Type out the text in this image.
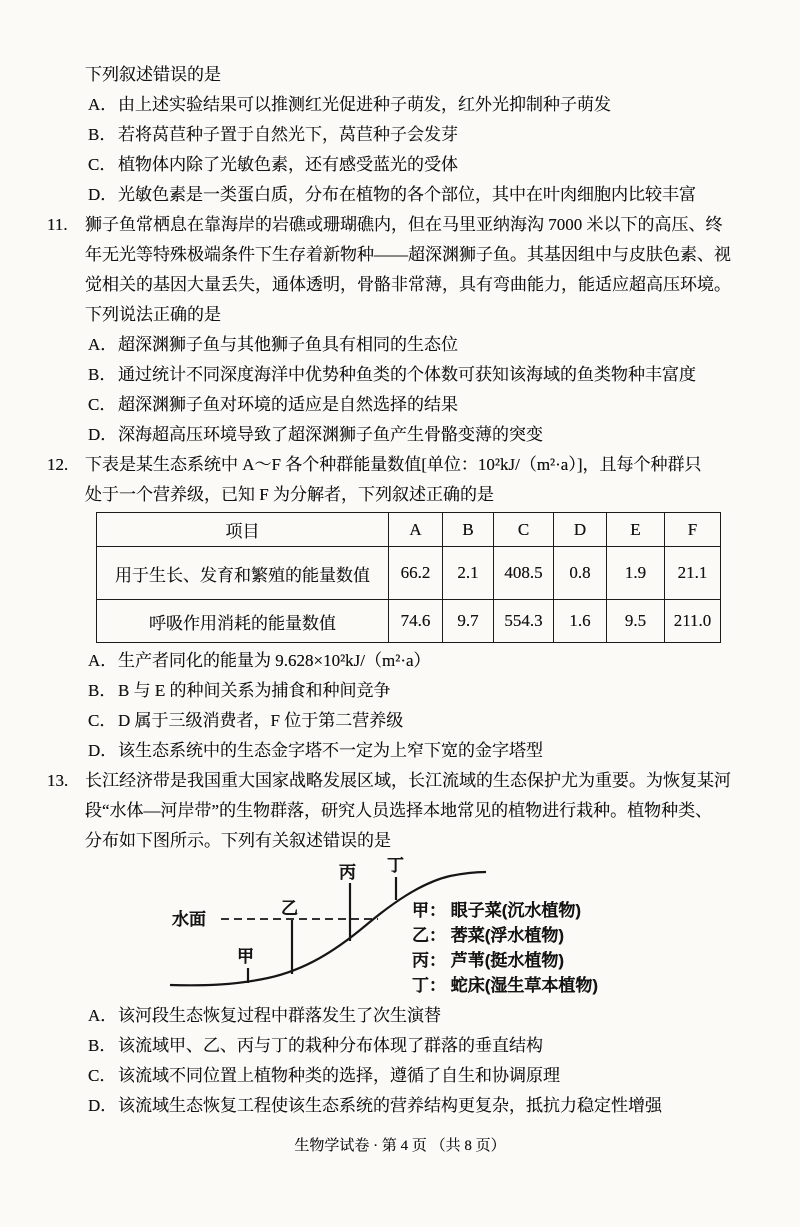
下列叙述错误的是
A．由上述实验结果可以推测红光促进种子萌发，红外光抑制种子萌发
B．若将莴苣种子置于自然光下，莴苣种子会发芽
C．植物体内除了光敏色素，还有感受蓝光的受体
D．光敏色素是一类蛋白质，分布在植物的各个部位，其中在叶肉细胞内比较丰富
11. 狮子鱼常栖息在靠海岸的岩礁或珊瑚礁内，但在马里亚纳海沟 7000 米以下的高压、终
年无光等特殊极端条件下生存着新物种——超深渊狮子鱼。其基因组中与皮肤色素、视
觉相关的基因大量丢失，通体透明，骨骼非常薄，具有弯曲能力，能适应超高压环境。
下列说法正确的是
A．超深渊狮子鱼与其他狮子鱼具有相同的生态位
B．通过统计不同深度海洋中优势种鱼类的个体数可获知该海域的鱼类物种丰富度
C．超深渊狮子鱼对环境的适应是自然选择的结果
D．深海超高压环境导致了超深渊狮子鱼产生骨骼变薄的突变
12. 下表是某生态系统中 A～F 各个种群能量数值[单位：10²kJ/（m²·a）]，且每个种群只
处于一个营养级，已知 F 为分解者，下列叙述正确的是
项目	A	B	C	D	E	F
用于生长、发育和繁殖的能量数值	66.2	2.1	408.5	0.8	1.9	21.1
呼吸作用消耗的能量数值	74.6	9.7	554.3	1.6	9.5	211.0
A．生产者同化的能量为 9.628×10²kJ/（m²·a）
B．B 与 E 的种间关系为捕食和种间竞争
C．D 属于三级消费者，F 位于第二营养级
D．该生态系统中的生态金字塔不一定为上窄下宽的金字塔型
13. 长江经济带是我国重大国家战略发展区域，长江流域的生态保护尤为重要。为恢复某河
段“水体—河岸带”的生物群落，研究人员选择本地常见的植物进行栽种。植物种类、
分布如下图所示。下列有关叙述错误的是
水面
甲
乙
丙 丁
甲： 眼子菜(沉水植物)
乙： 莕菜(浮水植物)
丙： 芦苇(挺水植物)
丁： 蛇床(湿生草本植物)
A．该河段生态恢复过程中群落发生了次生演替
B．该流域甲、乙、丙与丁的栽种分布体现了群落的垂直结构
C．该流域不同位置上植物种类的选择，遵循了自生和协调原理
D．该流域生态恢复工程使该生态系统的营养结构更复杂，抵抗力稳定性增强
生物学试卷 · 第 4 页 （共 8 页）
